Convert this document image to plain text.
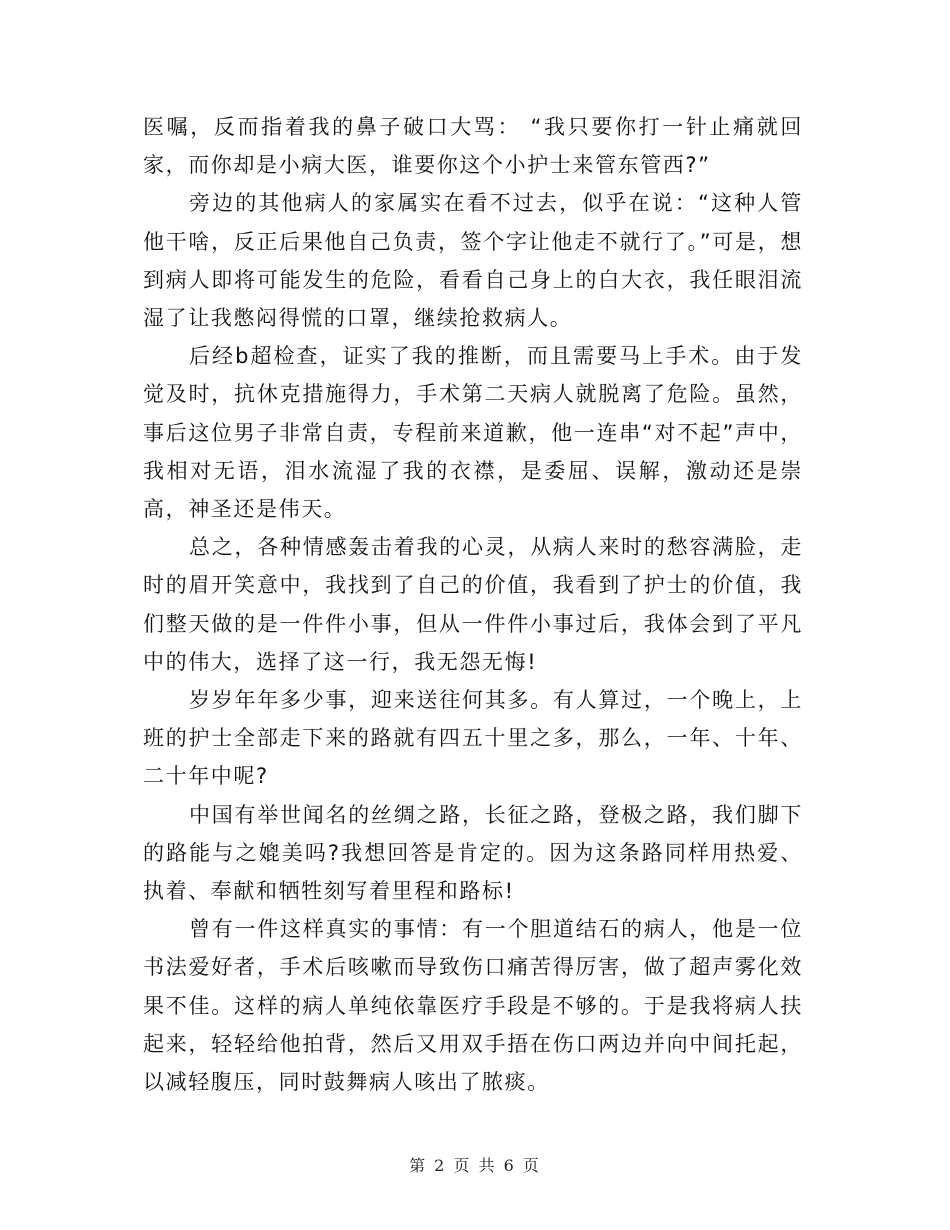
医嘱，反而指着我的鼻子破口大骂： “我只要你打一针止痛就回家，而你却是小病大医，谁要你这个小护士来管东管西?”

旁边的其他病人的家属实在看不过去，似乎在说：“这种人管他干啥，反正后果他自己负责，签个字让他走不就行了。”可是，想到病人即将可能发生的危险，看看自己身上的白大衣，我任眼泪流湿了让我憋闷得慌的口罩，继续抢救病人。

后经b超检查，证实了我的推断，而且需要马上手术。由于发觉及时，抗休克措施得力，手术第二天病人就脱离了危险。虽然，事后这位男子非常自责，专程前来道歉，他一连串“对不起”声中，我相对无语，泪水流湿了我的衣襟，是委屈、误解，激动还是崇高，神圣还是伟天。

总之，各种情感轰击着我的心灵，从病人来时的愁容满脸，走时的眉开笑意中，我找到了自己的价值，我看到了护士的价值，我们整天做的是一件件小事，但从一件件小事过后，我体会到了平凡中的伟大，选择了这一行，我无怨无悔!

岁岁年年多少事，迎来送往何其多。有人算过，一个晚上，上班的护士全部走下来的路就有四五十里之多，那么，一年、十年、二十年中呢?

中国有举世闻名的丝绸之路，长征之路，登极之路，我们脚下的路能与之媲美吗?我想回答是肯定的。因为这条路同样用热爱、执着、奉献和牺牲刻写着里程和路标!

曾有一件这样真实的事情：有一个胆道结石的病人，他是一位书法爱好者，手术后咳嗽而导致伤口痛苦得厉害，做了超声雾化效果不佳。这样的病人单纯依靠医疗手段是不够的。于是我将病人扶起来，轻轻给他拍背，然后又用双手捂在伤口两边并向中间托起，以减轻腹压，同时鼓舞病人咳出了脓痰。

第 2 页 共 6 页
